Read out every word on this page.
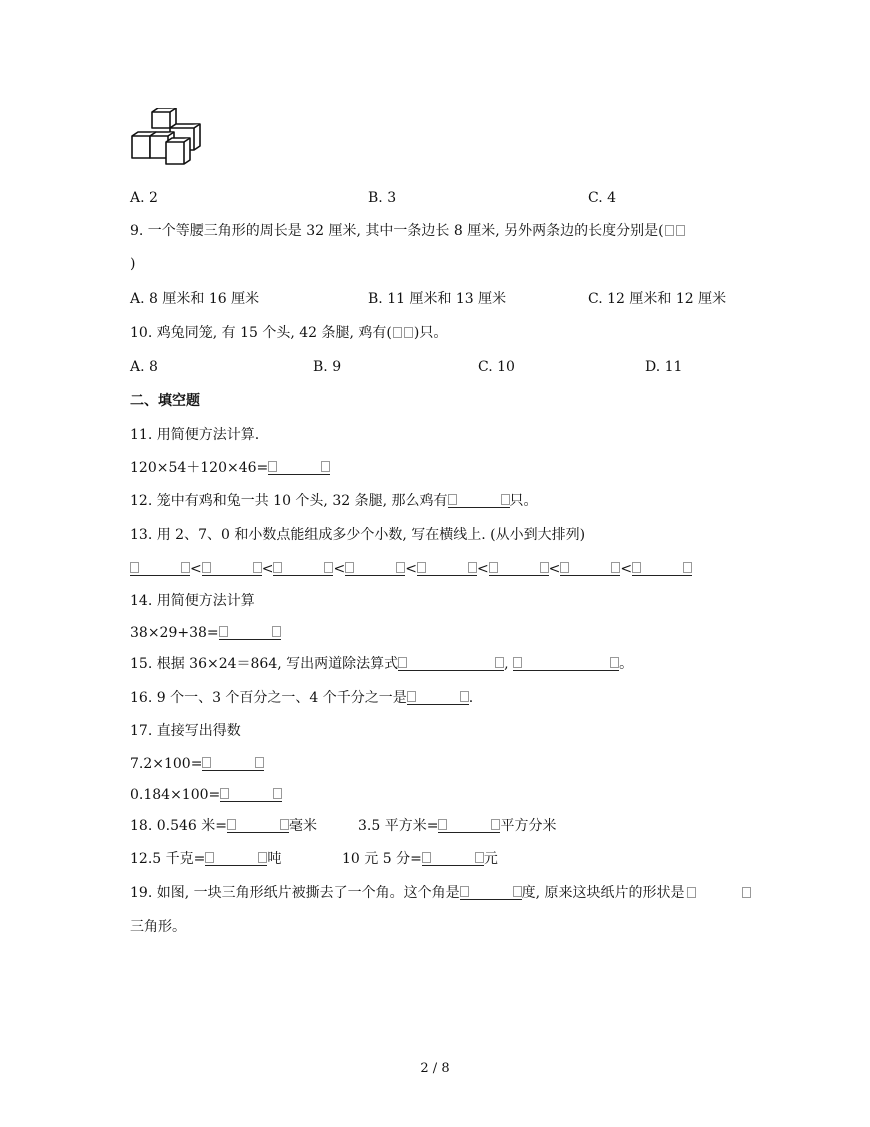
A. 2	B. 3	C. 4
9. 一个等腰三角形的周长是 32 厘米, 其中一条边长 8 厘米, 另外两条边的长度分别是(
)
A. 8 厘米和 16 厘米	B. 11 厘米和 13 厘米	C. 12 厘米和 12 厘米
10. 鸡兔同笼, 有 15 个头, 42 条腿, 鸡有( )只。
A. 8	B. 9	C. 10	D. 11
二、填空题
11. 用简便方法计算.
120×54＋120×46=
12. 笼中有鸡和兔一共 10 个头, 32 条腿, 那么鸡有	只。
13. 用 2、7、0 和小数点能组成多少个小数, 写在横线上. (从小到大排列)
<	<	<	<	<	<	<
14. 用简便方法计算
38×29+38=
15. 根据 36×24＝864, 写出两道除法算式	,	。
16. 9 个一、3 个百分之一、4 个千分之一是	.
17. 直接写出得数
7.2×100=
0.184×100=
18. 0.546 米=	毫米	3.5 平方米=	平方分米
12.5 千克=	吨	10 元 5 分=	元
19. 如图, 一块三角形纸片被撕去了一个角。这个角是	度, 原来这块纸片的形状是
三角形。
2 / 8
